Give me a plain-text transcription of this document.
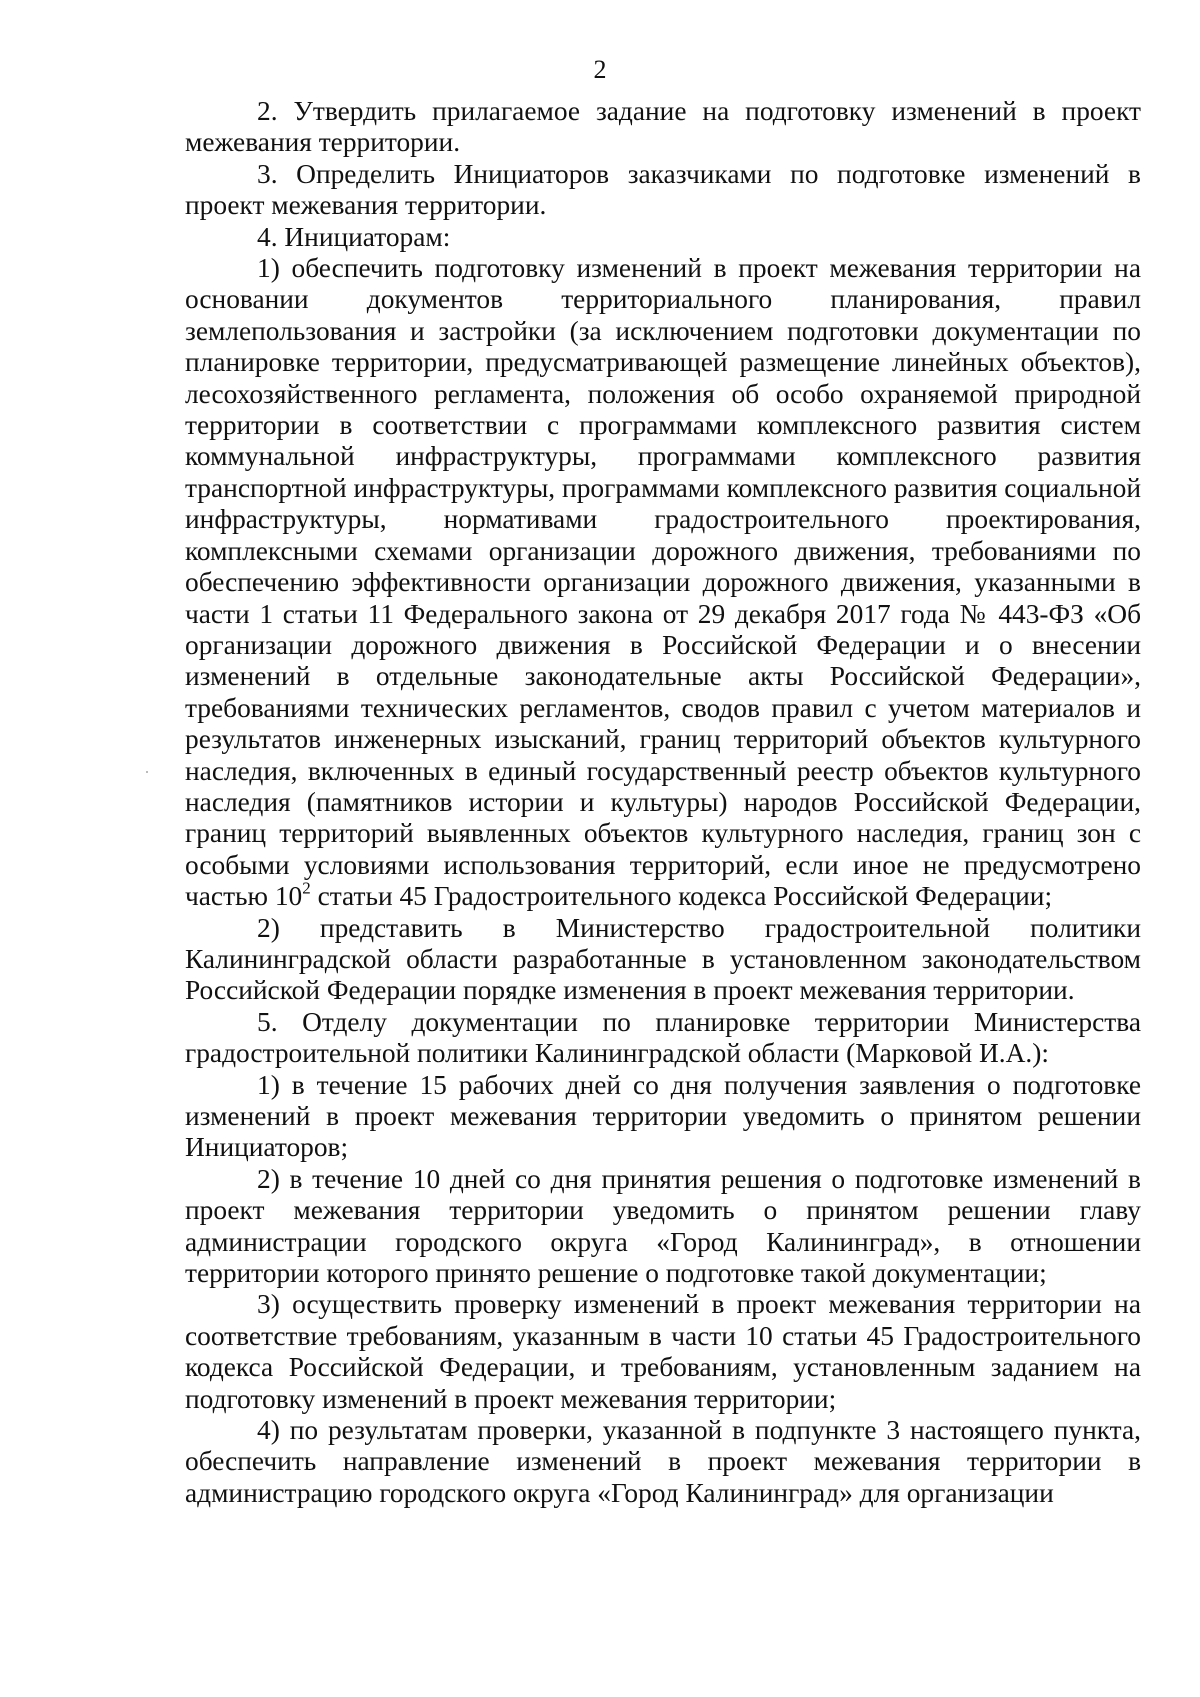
2

2. Утвердить прилагаемое задание на подготовку изменений в проект межевания территории.

3. Определить Инициаторов заказчиками по подготовке изменений в проект межевания территории.

4. Инициаторам:

1) обеспечить подготовку изменений в проект межевания территории на основании документов территориального планирования, правил землепользования и застройки (за исключением подготовки документации по планировке территории, предусматривающей размещение линейных объектов), лесохозяйственного регламента, положения об особо охраняемой природной территории в соответствии с программами комплексного развития систем коммунальной инфраструктуры, программами комплексного развития транспортной инфраструктуры, программами комплексного развития социальной инфраструктуры, нормативами градостроительного проектирования, комплексными схемами организации дорожного движения, требованиями по обеспечению эффективности организации дорожного движения, указанными в части 1 статьи 11 Федерального закона от 29 декабря 2017 года № 443-ФЗ «Об организации дорожного движения в Российской Федерации и о внесении изменений в отдельные законодательные акты Российской Федерации», требованиями технических регламентов, сводов правил с учетом материалов и результатов инженерных изысканий, границ территорий объектов культурного наследия, включенных в единый государственный реестр объектов культурного наследия (памятников истории и культуры) народов Российской Федерации, границ территорий выявленных объектов культурного наследия, границ зон с особыми условиями использования территорий, если иное не предусмотрено частью $10^2$ статьи 45 Градостроительного кодекса Российской Федерации;

2) представить в Министерство градостроительной политики Калининградской области разработанные в установленном законодательством Российской Федерации порядке изменения в проект межевания территории.

5. Отделу документации по планировке территории Министерства градостроительной политики Калининградской области (Марковой И.А.):

1) в течение 15 рабочих дней со дня получения заявления о подготовке изменений в проект межевания территории уведомить о принятом решении Инициаторов;

2) в течение 10 дней со дня принятия решения о подготовке изменений в проект межевания территории уведомить о принятом решении главу администрации городского округа «Город Калининград», в отношении территории которого принято решение о подготовке такой документации;

3) осуществить проверку изменений в проект межевания территории на соответствие требованиям, указанным в части 10 статьи 45 Градостроительного кодекса Российской Федерации, и требованиям, установленным заданием на подготовку изменений в проект межевания территории;

4) по результатам проверки, указанной в подпункте 3 настоящего пункта, обеспечить направление изменений в проект межевания территории в администрацию городского округа «Город Калининград» для организации
